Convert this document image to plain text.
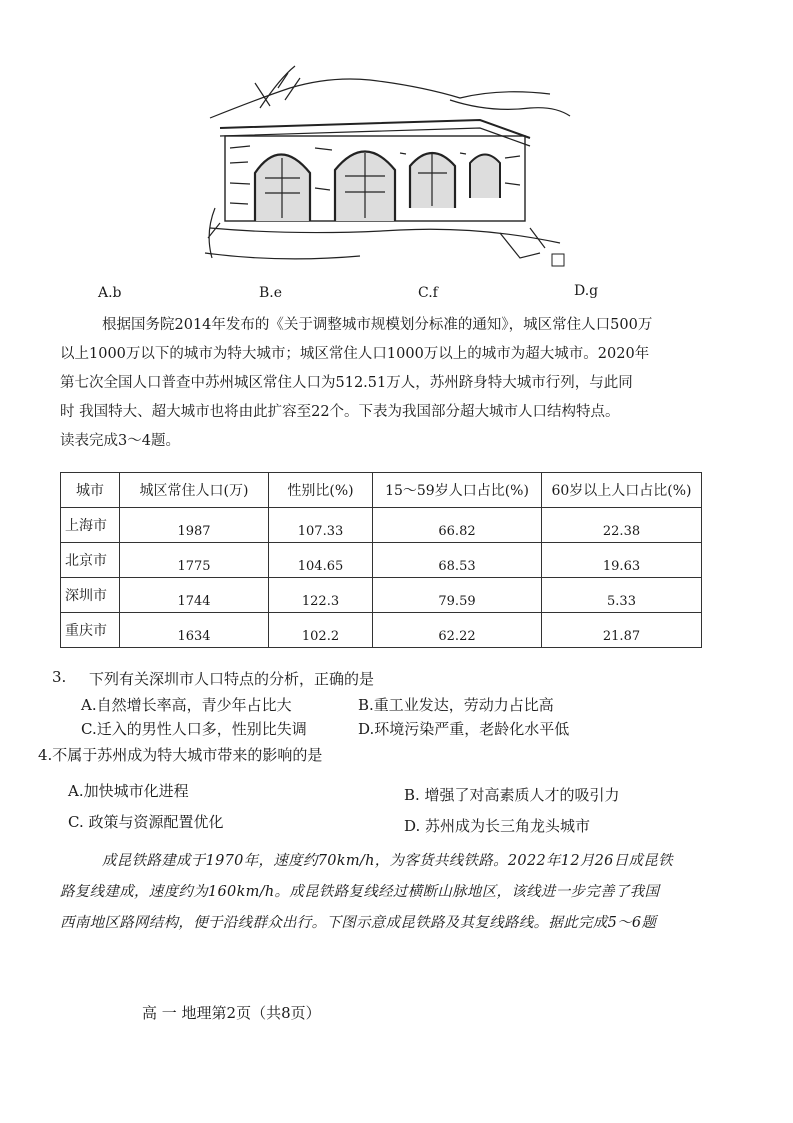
A.b	B.e	C.f	D.g
根据国务院2014年发布的《关于调整城市规模划分标准的通知》，城区常住人口500万
以上1000万以下的城市为特大城市；城区常住人口1000万以上的城市为超大城市。2020年
第七次全国人口普查中苏州城区常住人口为512.51万人，苏州跻身特大城市行列，与此同
时 我国特大、超大城市也将由此扩容至22个。下表为我国部分超大城市人口结构特点。
读表完成3～4题。
城市	城区常住人口(万)	性别比(%)	15～59岁人口占比(%)	60岁以上人口占比(%)
上海市	1987	107.33	66.82	22.38
北京市	1775	104.65	68.53	19.63
深圳市	1744	122.3	79.59	5.33
重庆市	1634	102.2	62.22	21.87
3. 下列有关深圳市人口特点的分析，正确的是
A.自然增长率高，青少年占比大	B.重工业发达，劳动力占比高
C.迁入的男性人口多，性别比失调	D.环境污染严重，老龄化水平低
4.不属于苏州成为特大城市带来的影响的是
A.加快城市化进程	B. 增强了对高素质人才的吸引力
C. 政策与资源配置优化	D. 苏州成为长三角龙头城市
成昆铁路建成于1970年，速度约70km/h，为客货共线铁路。2022年12月26日成昆铁
路复线建成，速度约为160km/h。成昆铁路复线经过横断山脉地区，该线进一步完善了我国
西南地区路网结构，便于沿线群众出行。下图示意成昆铁路及其复线路线。据此完成5～6题
高 一 地理第2页（共8页）
